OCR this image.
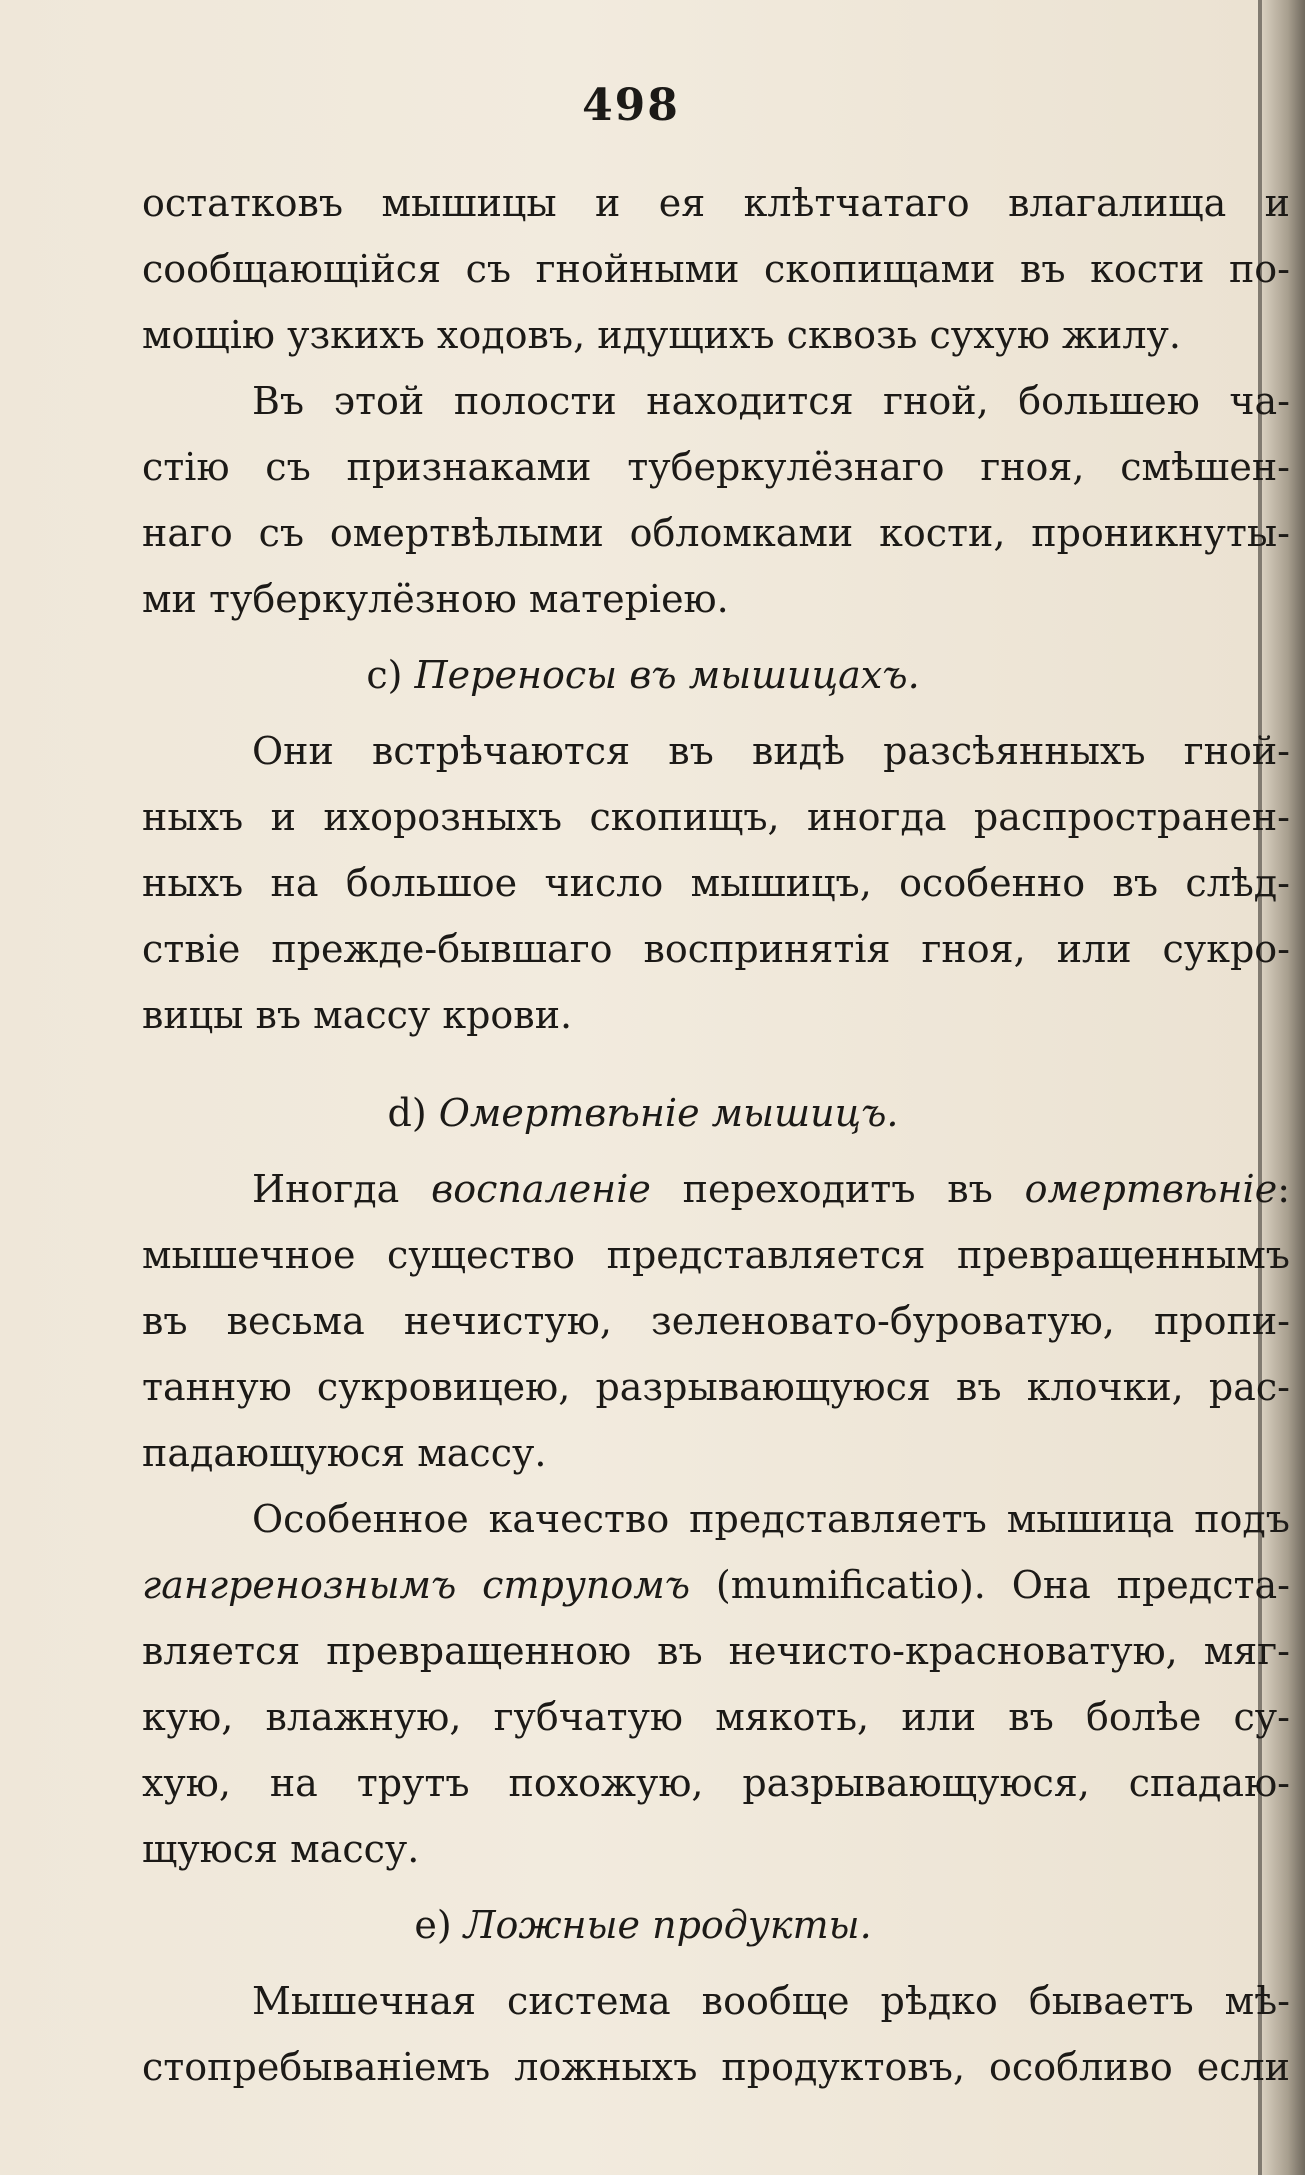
498
остатковъ мышицы и ея клѣтчатаго влагалища и
сообщающійся съ гнойными скопищами въ кости по-
мощію узкихъ ходовъ, идущихъ сквозь сухую жилу.
Въ этой полости находится гной, большею ча-
стію съ признаками туберкулёзнаго гноя, смѣшен-
наго съ омертвѣлыми обломками кости, проникнуты-
ми туберкулёзною матеріею.
c) Переносы въ мышицахъ.
Они встрѣчаются въ видѣ разсѣянныхъ гной-
ныхъ и ихорозныхъ скопищъ, иногда распространен-
ныхъ на большое число мышицъ, особенно въ слѣд-
ствіе прежде-бывшаго воспринятія гноя, или сукро-
вицы въ массу крови.
d) Омертвѣніе мышицъ.
Иногда воспаленіе переходитъ въ омертвѣніе:
мышечное существо представляется превращеннымъ
въ весьма нечистую, зеленовато-буроватую, пропи-
танную сукровицею, разрывающуюся въ клочки, рас-
падающуюся массу.
Особенное качество представляетъ мышица подъ
гангренознымъ струпомъ (mumificatio). Она предста-
вляется превращенною въ нечисто-красноватую, мяг-
кую, влажную, губчатую мякоть, или въ болѣе су-
хую, на трутъ похожую, разрывающуюся, спадаю-
щуюся массу.
e) Ложные продукты.
Мышечная система вообще рѣдко бываетъ мѣ-
стопребываніемъ ложныхъ продуктовъ, особливо если
